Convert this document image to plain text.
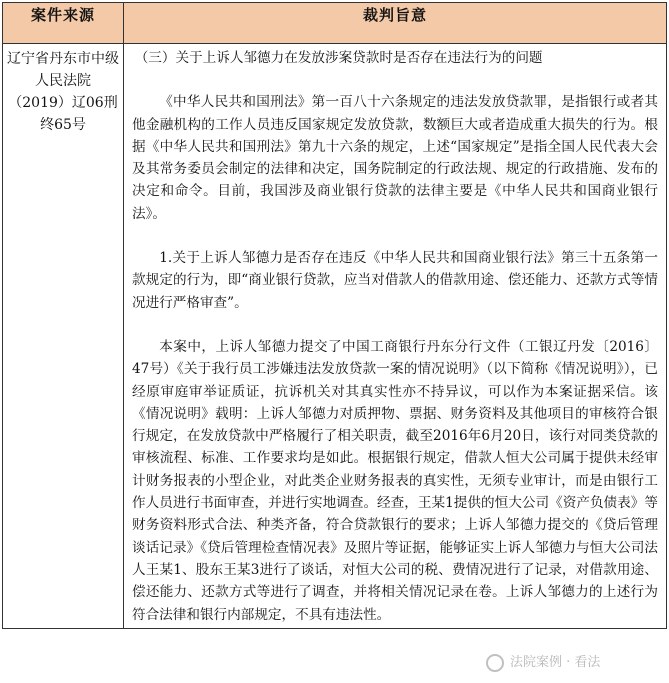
案件来源	裁判旨意
辽宁省丹东市中级人民法院（2019）辽06刑终65号	（三）关于上诉人邹德力在发放涉案贷款时是否存在违法行为的问题

《中华人民共和国刑法》第一百八十六条规定的违法发放贷款罪，是指银行或者其他金融机构的工作人员违反国家规定发放贷款，数额巨大或者造成重大损失的行为。根据《中华人民共和国刑法》第九十六条的规定，上述“国家规定”是指全国人民代表大会及其常务委员会制定的法律和决定，国务院制定的行政法规、规定的行政措施、发布的决定和命令。目前，我国涉及商业银行贷款的法律主要是《中华人民共和国商业银行法》。

1.关于上诉人邹德力是否存在违反《中华人民共和国商业银行法》第三十五条第一款规定的行为，即“商业银行贷款，应当对借款人的借款用途、偿还能力、还款方式等情况进行严格审查”。

本案中，上诉人邹德力提交了中国工商银行丹东分行文件（工银辽丹发〔2016〕47号）《关于我行员工涉嫌违法发放贷款一案的情况说明》（以下简称《情况说明》），已经原审庭审举证质证，抗诉机关对其真实性亦不持异议，可以作为本案证据采信。该《情况说明》载明：上诉人邹德力对质押物、票据、财务资料及其他项目的审核符合银行规定，在发放贷款中严格履行了相关职责，截至2016年6月20日，该行对同类贷款的审核流程、标准、工作要求均是如此。根据银行规定，借款人恒大公司属于提供未经审计财务报表的小型企业，对此类企业财务报表的真实性，无须专业审计，而是由银行工作人员进行书面审查，并进行实地调查。经查，王某1提供的恒大公司《资产负债表》等财务资料形式合法、种类齐备，符合贷款银行的要求；上诉人邹德力提交的《贷后管理谈话记录》《贷后管理检查情况表》及照片等证据，能够证实上诉人邹德力与恒大公司法人王某1、股东王某3进行了谈话，对恒大公司的税、费情况进行了记录，对借款用途、偿还能力、还款方式等进行了调查，并将相关情况记录在卷。上诉人邹德力的上述行为符合法律和银行内部规定，不具有违法性。

法院案例 · 看法
